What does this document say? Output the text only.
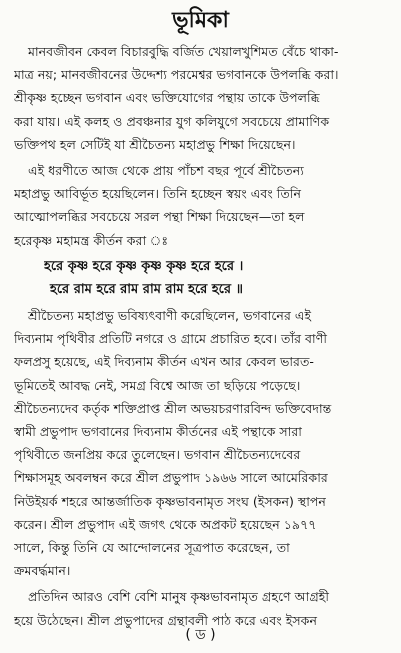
ভূমিকা
মানবজীবন কেবল বিচারবুদ্ধি বর্জিত খেয়ালখুশিমত বেঁচে থাকা-
মাত্র নয়; মানবজীবনের উদ্দেশ্য পরমেশ্বর ভগবানকে উপলব্ধি করা।
শ্রীকৃষ্ণ হচ্ছেন ভগবান এবং ভক্তিযোগের পন্থায় তাকে উপলব্ধি
করা যায়। এই কলহ ও প্রবঞ্চনার যুগ কলিযুগে সবচেয়ে প্রামাণিক
ভক্তিপথ হল সেটিই যা শ্রীচৈতন্য মহাপ্রভু শিক্ষা দিয়েছেন।
এই ধরণীতে আজ থেকে প্রায় পাঁচশ বছর পূর্বে শ্রীচৈতন্য
মহাপ্রভু আবির্ভূত হয়েছিলেন। তিনি হচ্ছেন স্বয়ং এবং তিনি
আত্মোপলব্ধির সবচেয়ে সরল পন্থা শিক্ষা দিয়েছেন—তা হল
হরেকৃষ্ণ মহামন্ত্র কীর্তন করা ঃ
হরে কৃষ্ণ হরে কৃষ্ণ কৃষ্ণ কৃষ্ণ হরে হরে ।
হরে রাম হরে রাম রাম রাম হরে হরে ॥
শ্রীচৈতন্য মহাপ্রভু ভবিষ্যৎবাণী করেছিলেন, ভগবানের এই
দিব্যনাম পৃথিবীর প্রতিটি নগরে ও গ্রামে প্রচারিত হবে। তাঁর বাণী
ফলপ্রসু হয়েছে, এই দিব্যনাম কীর্তন এখন আর কেবল ভারত-
ভূমিতেই আবদ্ধ নেই, সমগ্র বিশ্বে আজ তা ছড়িয়ে পড়েছে।
শ্রীচৈতন্যদেব কর্তৃক শক্তিপ্রাপ্ত শ্রীল অভয়চরণারবিন্দ ভক্তিবেদান্ত
স্বামী প্রভুপাদ ভগবানের দিব্যনাম কীর্তনের এই পন্থাকে সারা
পৃথিবীতে জনপ্রিয় করে তুলেছেন। ভগবান শ্রীচৈতন্যদেবের
শিক্ষাসমূহ অবলম্বন করে শ্রীল প্রভুপাদ ১৯৬৬ সালে আমেরিকার
নিউইয়র্ক শহরে আন্তর্জাতিক কৃষ্ণভাবনামৃত সংঘ (ইসকন) স্থাপন
করেন। শ্রীল প্রভুপাদ এই জগৎ থেকে অপ্রকট হয়েছেন ১৯৭৭
সালে, কিন্তু তিনি যে আন্দোলনের সূত্রপাত করেছেন, তা
ক্রমবর্দ্ধমান।
প্রতিদিন আরও বেশি বেশি মানুষ কৃষ্ণভাবনামৃত গ্রহণে আগ্রহী
হয়ে উঠেছেন। শ্রীল প্রভুপাদের গ্রন্থাবলী পাঠ করে এবং ইসকন
( ড )
